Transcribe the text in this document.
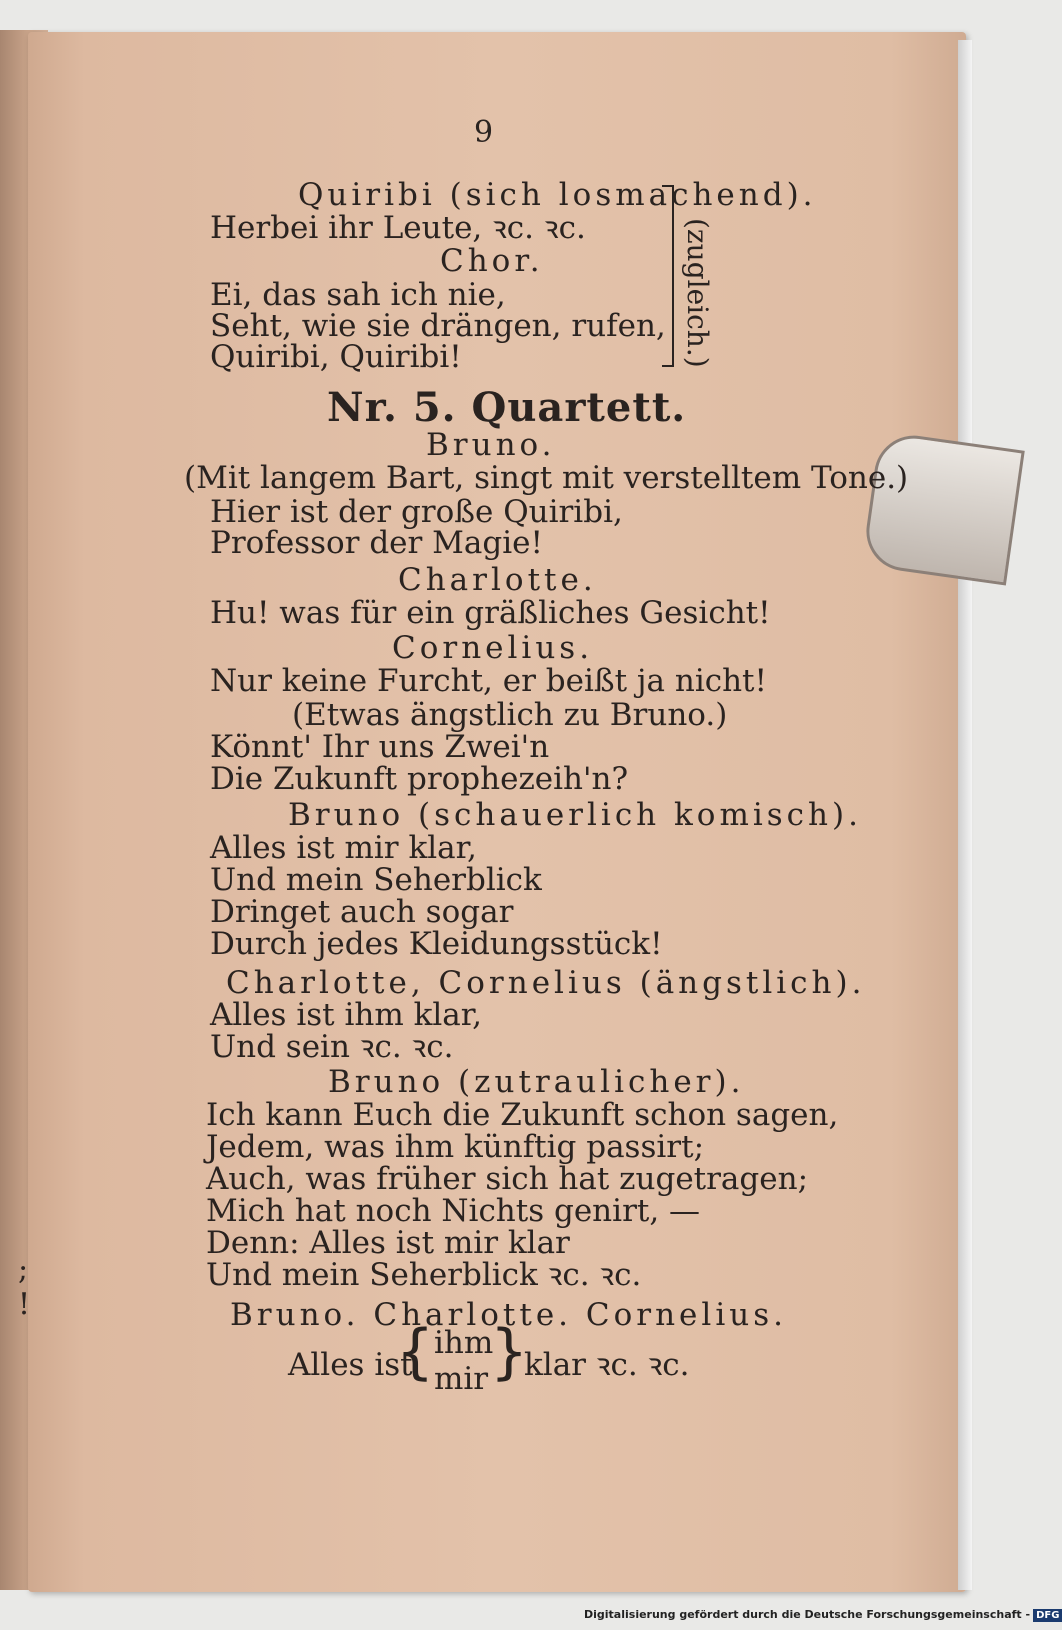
;
!
9
Quiribi (sich losmachend).
Herbei ihr Leute, ꝛc. ꝛc.
Chor.
Ei, das sah ich nie,
Seht, wie sie drängen, rufen,
Quiribi, Quiribi!	(zugleich.)
Nr. 5. Quartett.
Bruno.
(Mit langem Bart, singt mit verstelltem Tone.)
Hier ist der große Quiribi,
Professor der Magie!
Charlotte.
Hu! was für ein gräßliches Gesicht!
Cornelius.
Nur keine Furcht, er beißt ja nicht!
(Etwas ängstlich zu Bruno.)
Könnt' Ihr uns Zwei'n
Die Zukunft prophezeih'n?
Bruno (schauerlich komisch).
Alles ist mir klar,
Und mein Seherblick
Dringet auch sogar
Durch jedes Kleidungsstück!
Charlotte, Cornelius (ängstlich).
Alles ist ihm klar,
Und sein ꝛc. ꝛc.
Bruno (zutraulicher).
Ich kann Euch die Zukunft schon sagen,
Jedem, was ihm künftig passirt;
Auch, was früher sich hat zugetragen;
Mich hat noch Nichts genirt, —
Denn: Alles ist mir klar
Und mein Seherblick ꝛc. ꝛc.
Bruno. Charlotte. Cornelius.
Alles ist
{ ihm
mir }
klar ꝛc. ꝛc.
Digitalisierung gefördert durch die Deutsche Forschungsgemeinschaft - DFG
